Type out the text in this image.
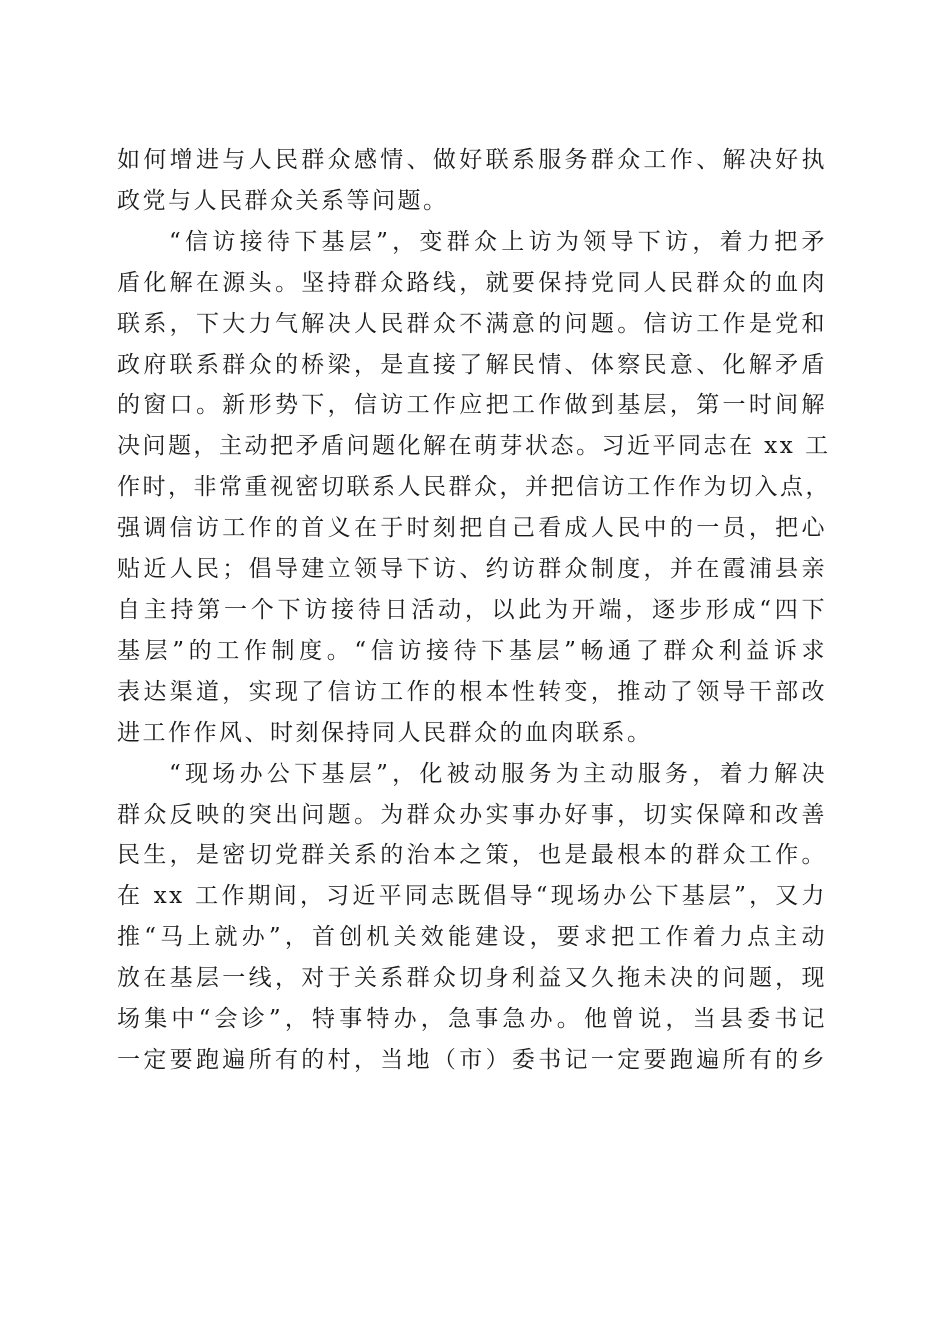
如何增进与人民群众感情、做好联系服务群众工作、解决好执
政党与人民群众关系等问题。
“信访接待下基层”，变群众上访为领导下访，着力把矛
盾化解在源头。坚持群众路线，就要保持党同人民群众的血肉
联系，下大力气解决人民群众不满意的问题。信访工作是党和
政府联系群众的桥梁，是直接了解民情、体察民意、化解矛盾
的窗口。新形势下，信访工作应把工作做到基层，第一时间解
决问题，主动把矛盾问题化解在萌芽状态。习近平同志在 xx 工
作时，非常重视密切联系人民群众，并把信访工作作为切入点，
强调信访工作的首义在于时刻把自己看成人民中的一员，把心
贴近人民；倡导建立领导下访、约访群众制度，并在霞浦县亲
自主持第一个下访接待日活动，以此为开端，逐步形成“四下
基层”的工作制度。“信访接待下基层”畅通了群众利益诉求
表达渠道，实现了信访工作的根本性转变，推动了领导干部改
进工作作风、时刻保持同人民群众的血肉联系。
“现场办公下基层”，化被动服务为主动服务，着力解决
群众反映的突出问题。为群众办实事办好事，切实保障和改善
民生，是密切党群关系的治本之策，也是最根本的群众工作。
在 xx 工作期间，习近平同志既倡导“现场办公下基层”，又力
推“马上就办”，首创机关效能建设，要求把工作着力点主动
放在基层一线，对于关系群众切身利益又久拖未决的问题，现
场集中“会诊”，特事特办，急事急办。他曾说，当县委书记
一定要跑遍所有的村，当地（市）委书记一定要跑遍所有的乡
